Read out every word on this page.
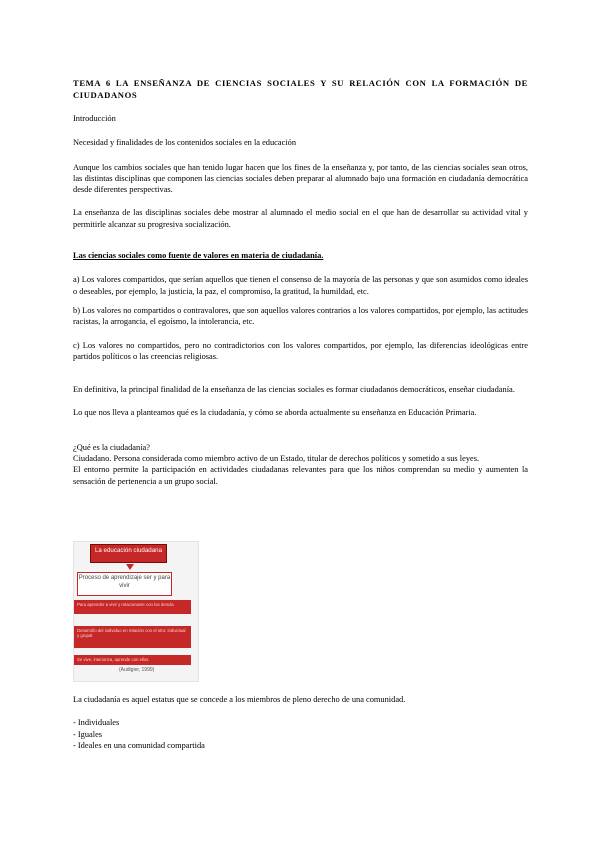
TEMA 6 LA ENSEÑANZA DE CIENCIAS SOCIALES Y SU RELACIÓN CON LA FORMACIÓN DE CIUDADANOS

Introducción

Necesidad y finalidades de los contenidos sociales en la educación

Aunque los cambios sociales que han tenido lugar hacen que los fines de la enseñanza y, por tanto, de las ciencias sociales sean otros, las distintas disciplinas que componen las ciencias sociales deben preparar al alumnado bajo una formación en ciudadanía democrática desde diferentes perspectivas.

La enseñanza de las disciplinas sociales debe mostrar al alumnado el medio social en el que han de desarrollar su actividad vital y permitirle alcanzar su progresiva socialización.

Las ciencias sociales como fuente de valores en materia de ciudadanía.

a) Los valores compartidos, que serían aquellos que tienen el consenso de la mayoría de las personas y que son asumidos como ideales o deseables, por ejemplo, la justicia, la paz, el compromiso, la gratitud, la humildad, etc.

b) Los valores no compartidos o contravalores, que son aquellos valores contrarios a los valores compartidos, por ejemplo, las actitudes racistas, la arrogancia, el egoísmo, la intolerancia, etc.

c) Los valores no compartidos, pero no contradictorios con los valores compartidos, por ejemplo, las diferencias ideológicas entre partidos políticos o las creencias religiosas.

En definitiva, la principal finalidad de la enseñanza de las ciencias sociales es formar ciudadanos democráticos, enseñar ciudadanía.

Lo que nos lleva a planteamos qué es la ciudadanía, y cómo se aborda actualmente su enseñanza en Educación Primaria.

¿Qué es la ciudadanía?

Ciudadano. Persona considerada como miembro activo de un Estado, titular de derechos políticos y sometido a sus leyes.

El entorno permite la participación en actividades ciudadanas relevantes para que los niños comprendan su medio y aumenten la sensación de pertenencia a un grupo social.

La educación ciudadana
Proceso de aprendizaje ser y para vivir
Para aprender a vivir y relacionarse con los demás
Desarrollo del individuo en relación con el otro: individual y grupal
Se vive, interioriza, aprende con ellos
(Audigier, 1999)

La ciudadanía es aquel estatus que se concede a los miembros de pleno derecho de una comunidad.

- Individuales

- Iguales

- Ideales en una comunidad compartida
